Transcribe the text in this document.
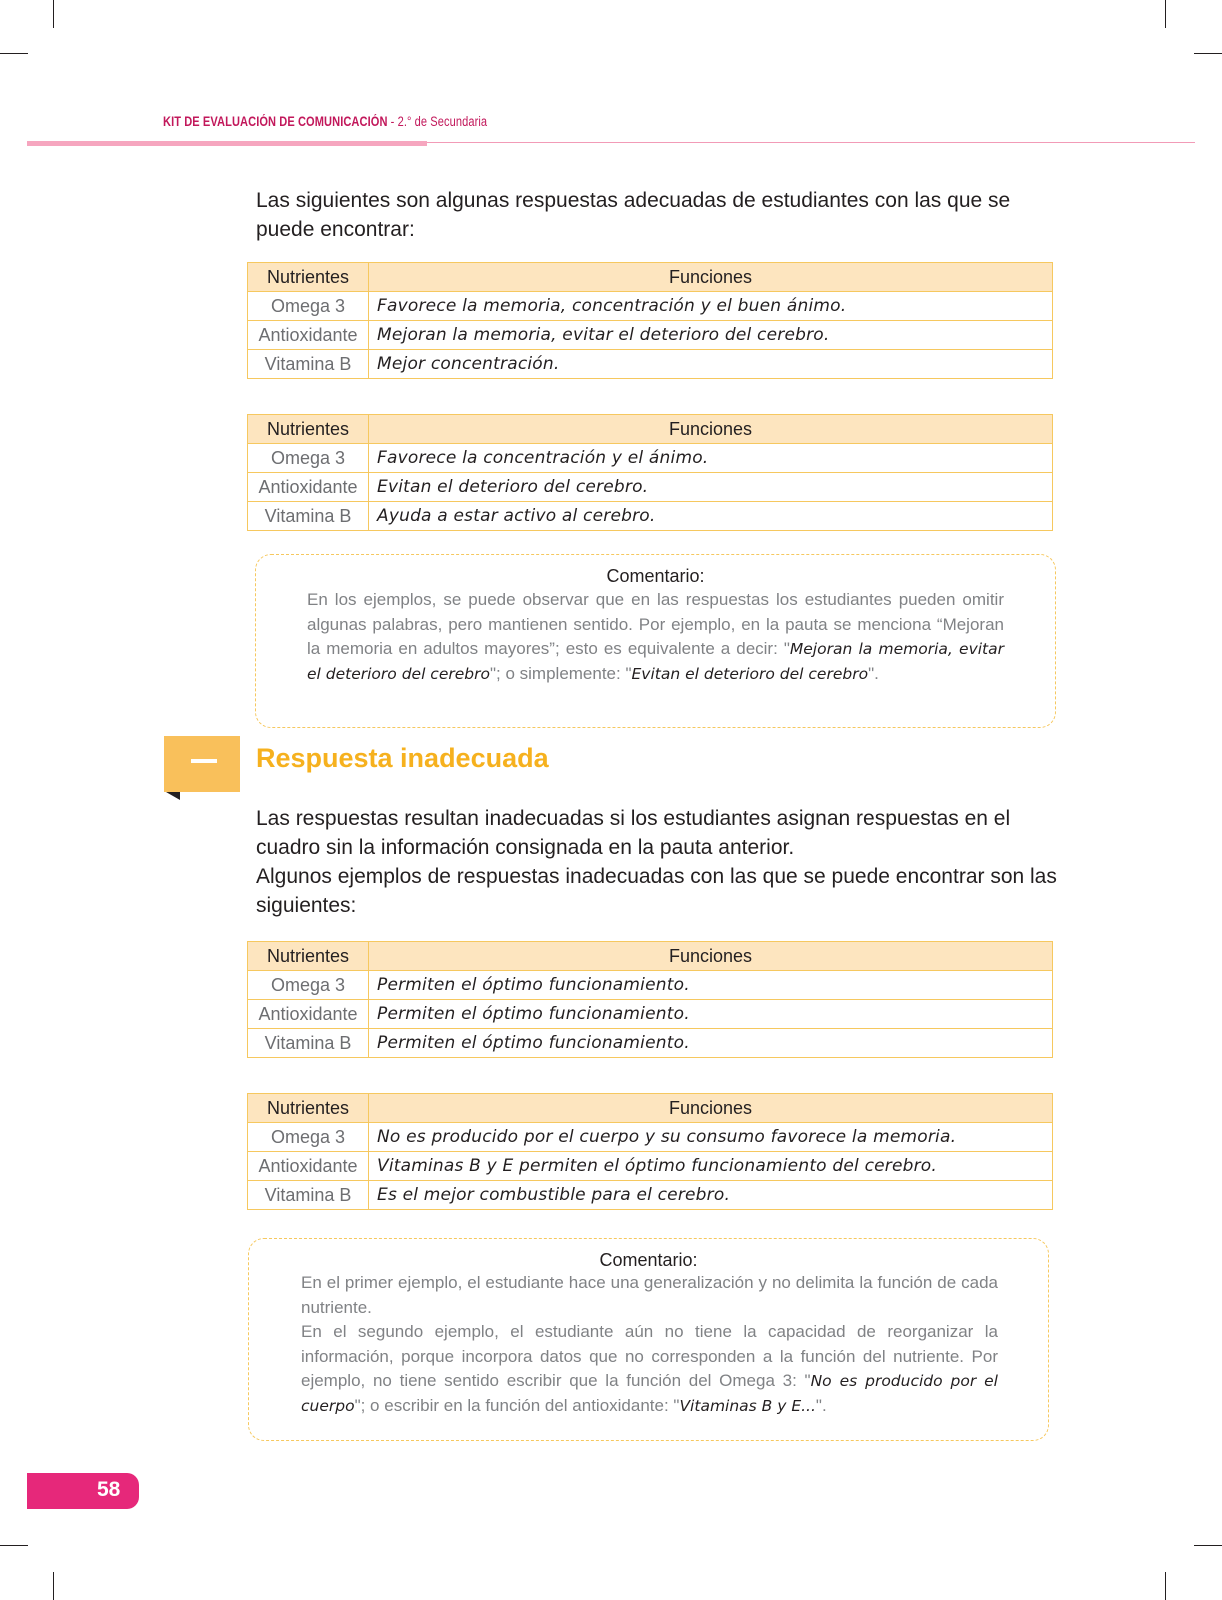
KIT DE EVALUACIÓN DE COMUNICACIÓN - 2.° de Secundaria

Las siguientes son algunas respuestas adecuadas de estudiantes con las que se puede encontrar:

Nutrientes	Funciones
Omega 3	Favorece la memoria, concentración y el buen ánimo.
Antioxidante	Mejoran la memoria, evitar el deterioro del cerebro.
Vitamina B	Mejor concentración.
Nutrientes	Funciones
Omega 3	Favorece la concentración y el ánimo.
Antioxidante	Evitan el deterioro del cerebro.
Vitamina B	Ayuda a estar activo al cerebro.
Comentario:

En los ejemplos, se puede observar que en las respuestas los estudiantes pueden omitir algunas palabras, pero mantienen sentido. Por ejemplo, en la pauta se menciona “Mejoran la memoria en adultos mayores”; esto es equivalente a decir: "Mejoran la memoria, evitar el deterioro del cerebro"; o simplemente: "Evitan el deterioro del cerebro".

Respuesta inadecuada

Las respuestas resultan inadecuadas si los estudiantes asignan respuestas en el cuadro sin la información consignada en la pauta anterior.

Algunos ejemplos de respuestas inadecuadas con las que se puede encontrar son las siguientes:

Nutrientes	Funciones
Omega 3	Permiten el óptimo funcionamiento.
Antioxidante	Permiten el óptimo funcionamiento.
Vitamina B	Permiten el óptimo funcionamiento.
Nutrientes	Funciones
Omega 3	No es producido por el cuerpo y su consumo favorece la memoria.
Antioxidante	Vitaminas B y E permiten el óptimo funcionamiento del cerebro.
Vitamina B	Es el mejor combustible para el cerebro.
Comentario:

En el primer ejemplo, el estudiante hace una generalización y no delimita la función de cada nutriente.

En el segundo ejemplo, el estudiante aún no tiene la capacidad de reorganizar la información, porque incorpora datos que no corresponden a la función del nutriente. Por ejemplo, no tiene sentido escribir que la función del Omega 3: "No es producido por el cuerpo"; o escribir en la función del antioxidante: "Vitaminas B y E...".

58
